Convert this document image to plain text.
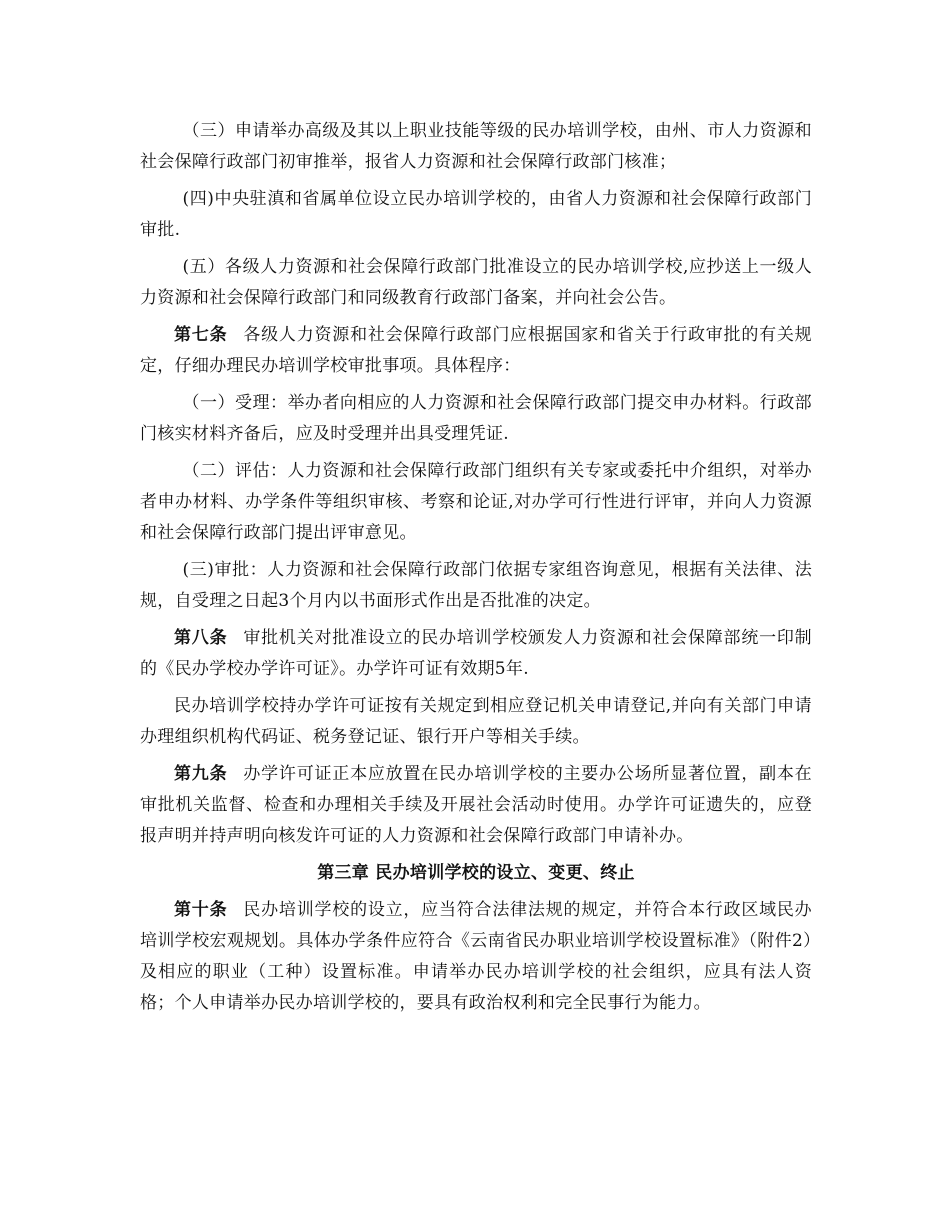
（三）申请举办高级及其以上职业技能等级的民办培训学校，由州、市人力资源和社会保障行政部门初审推举，报省人力资源和社会保障行政部门核准；

(四)中央驻滇和省属单位设立民办培训学校的，由省人力资源和社会保障行政部门审批.

(五）各级人力资源和社会保障行政部门批准设立的民办培训学校,应抄送上一级人力资源和社会保障行政部门和同级教育行政部门备案，并向社会公告。

第七条 各级人力资源和社会保障行政部门应根据国家和省关于行政审批的有关规定，仔细办理民办培训学校审批事项。具体程序：

（一）受理：举办者向相应的人力资源和社会保障行政部门提交申办材料。行政部门核实材料齐备后，应及时受理并出具受理凭证.

（二）评估：人力资源和社会保障行政部门组织有关专家或委托中介组织，对举办者申办材料、办学条件等组织审核、考察和论证,对办学可行性进行评审，并向人力资源和社会保障行政部门提出评审意见。

(三)审批：人力资源和社会保障行政部门依据专家组咨询意见，根据有关法律、法规，自受理之日起3个月内以书面形式作出是否批准的决定。

第八条 审批机关对批准设立的民办培训学校颁发人力资源和社会保障部统一印制的《民办学校办学许可证》。办学许可证有效期5年.

民办培训学校持办学许可证按有关规定到相应登记机关申请登记,并向有关部门申请办理组织机构代码证、税务登记证、银行开户等相关手续。

第九条 办学许可证正本应放置在民办培训学校的主要办公场所显著位置，副本在审批机关监督、检查和办理相关手续及开展社会活动时使用。办学许可证遗失的，应登报声明并持声明向核发许可证的人力资源和社会保障行政部门申请补办。

第三章 民办培训学校的设立、变更、终止

第十条 民办培训学校的设立，应当符合法律法规的规定，并符合本行政区域民办培训学校宏观规划。具体办学条件应符合《云南省民办职业培训学校设置标准》（附件2）及相应的职业（工种）设置标准。申请举办民办培训学校的社会组织，应具有法人资格；个人申请举办民办培训学校的，要具有政治权利和完全民事行为能力。
